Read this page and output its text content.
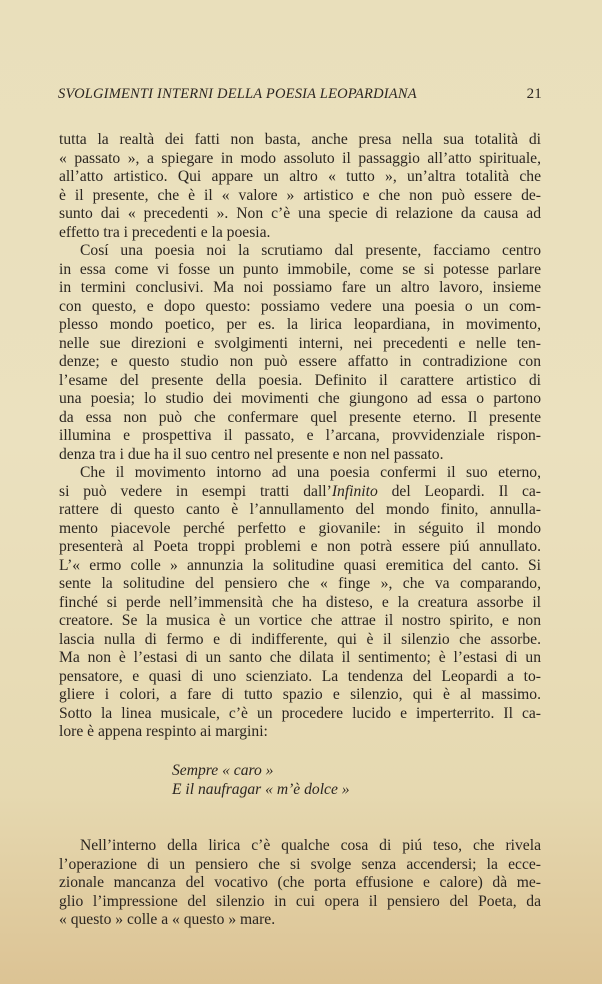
SVOLGIMENTI INTERNI DELLA POESIA LEOPARDIANA	21
tutta la realtà dei fatti non basta, anche presa nella sua totalità di
« passato », a spiegare in modo assoluto il passaggio all’atto spirituale,
all’atto artistico. Qui appare un altro « tutto », un’altra totalità che
è il presente, che è il « valore » artistico e che non può essere de-
sunto dai « precedenti ». Non c’è una specie di relazione da causa ad
effetto tra i precedenti e la poesia.
Cosí una poesia noi la scrutiamo dal presente, facciamo centro
in essa come vi fosse un punto immobile, come se si potesse parlare
in termini conclusivi. Ma noi possiamo fare un altro lavoro, insieme
con questo, e dopo questo: possiamo vedere una poesia o un com-
plesso mondo poetico, per es. la lirica leopardiana, in movimento,
nelle sue direzioni e svolgimenti interni, nei precedenti e nelle ten-
denze; e questo studio non può essere affatto in contradizione con
l’esame del presente della poesia. Definito il carattere artistico di
una poesia; lo studio dei movimenti che giungono ad essa o partono
da essa non può che confermare quel presente eterno. Il presente
illumina e prospettiva il passato, e l’arcana, provvidenziale rispon-
denza tra i due ha il suo centro nel presente e non nel passato.
Che il movimento intorno ad una poesia confermi il suo eterno,
si può vedere in esempi tratti dall’Infinito del Leopardi. Il ca-
rattere di questo canto è l’annullamento del mondo finito, annulla-
mento piacevole perché perfetto e giovanile: in séguito il mondo
presenterà al Poeta troppi problemi e non potrà essere piú annullato.
L’« ermo colle » annunzia la solitudine quasi eremitica del canto. Si
sente la solitudine del pensiero che « finge », che va comparando,
finché si perde nell’immensità che ha disteso, e la creatura assorbe il
creatore. Se la musica è un vortice che attrae il nostro spirito, e non
lascia nulla di fermo e di indifferente, qui è il silenzio che assorbe.
Ma non è l’estasi di un santo che dilata il sentimento; è l’estasi di un
pensatore, e quasi di uno scienziato. La tendenza del Leopardi a to-
gliere i colori, a fare di tutto spazio e silenzio, qui è al massimo.
Sotto la linea musicale, c’è un procedere lucido e imperterrito. Il ca-
lore è appena respinto ai margini:
Sempre « caro »
E il naufragar « m’è dolce »
Nell’interno della lirica c’è qualche cosa di piú teso, che rivela
l’operazione di un pensiero che si svolge senza accendersi; la ecce-
zionale mancanza del vocativo (che porta effusione e calore) dà me-
glio l’impressione del silenzio in cui opera il pensiero del Poeta, da
« questo » colle a « questo » mare.
